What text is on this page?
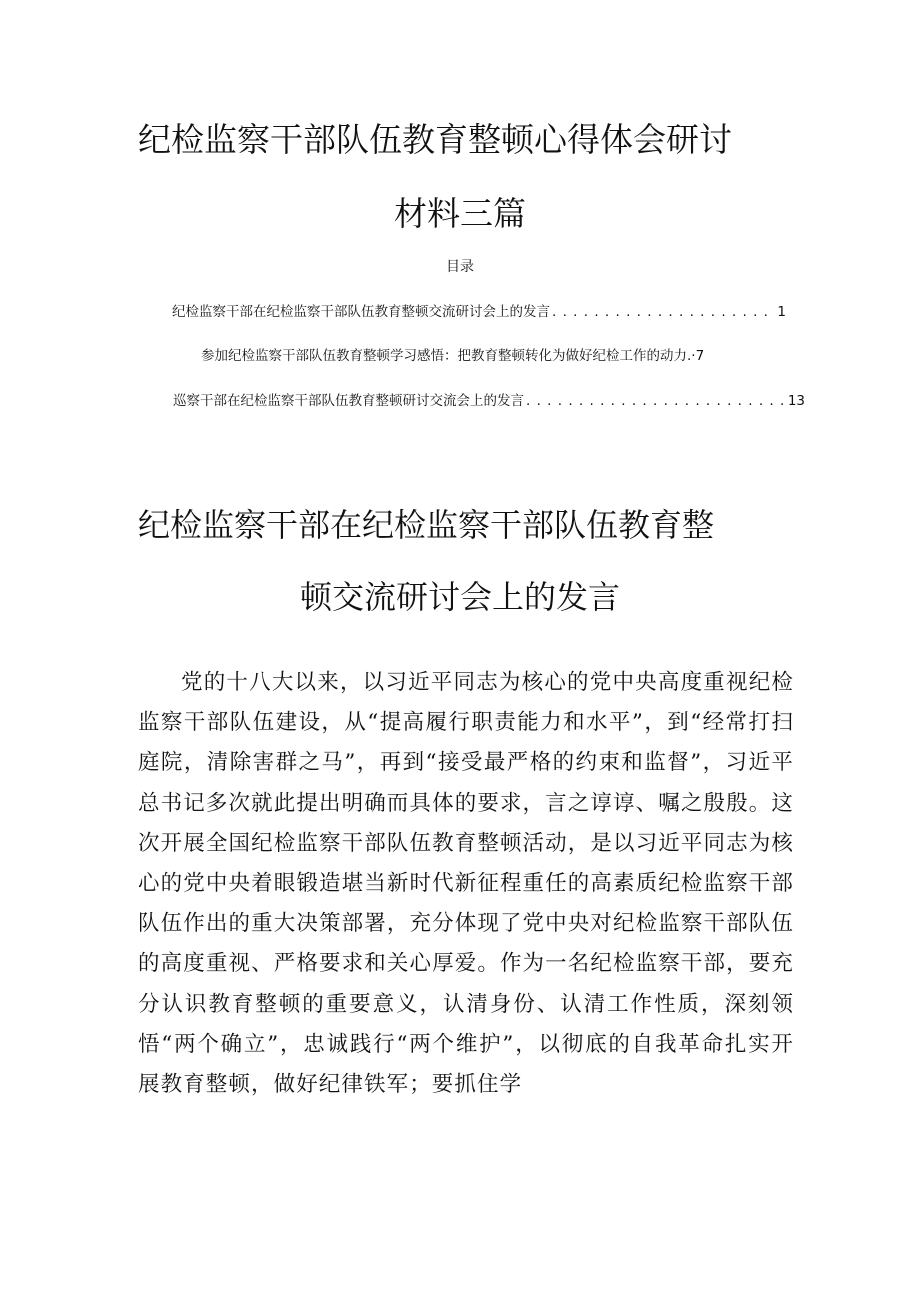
纪检监察干部队伍教育整顿心得体会研讨
材料三篇
目录
纪检监察干部在纪检监察干部队伍教育整顿交流研讨会上的发言 . . .	1
参加纪检监察干部队伍教育整顿学习感悟：把教育整顿转化为做好纪检工作的动力. ·7
巡察干部在纪检监察干部队伍教育整顿研讨交流会上的发言 . . .	13
纪检监察干部在纪检监察干部队伍教育整
顿交流研讨会上的发言

党的十八大以来，以习近平同志为核心的党中央高度重视纪检监察干部队伍建设，从“提高履行职责能力和水平”，到“经常打扫庭院，清除害群之马”，再到“接受最严格的约束和监督”，习近平总书记多次就此提出明确而具体的要求，言之谆谆、嘱之殷殷。这次开展全国纪检监察干部队伍教育整顿活动，是以习近平同志为核心的党中央着眼锻造堪当新时代新征程重任的高素质纪检监察干部队伍作出的重大决策部署，充分体现了党中央对纪检监察干部队伍的高度重视、严格要求和关心厚爱。作为一名纪检监察干部，要充分认识教育整顿的重要意义，认清身份、认清工作性质，深刻领悟“两个确立”，忠诚践行“两个维护”，以彻底的自我革命扎实开展教育整顿，做好纪律铁军；要抓住学
